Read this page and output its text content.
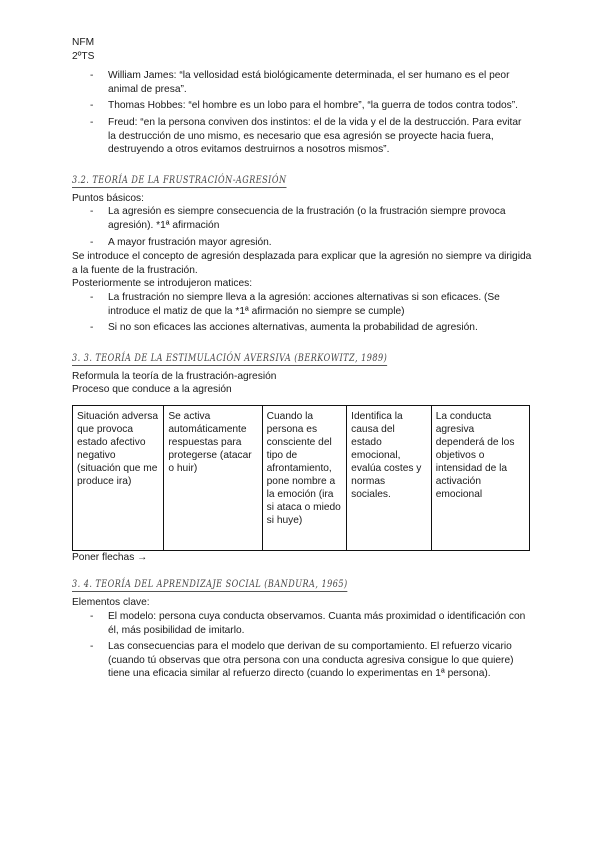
NFM
2ºTS
- William James: “la vellosidad está biológicamente determinada, el ser humano es el peor animal de presa”.
- Thomas Hobbes: “el hombre es un lobo para el hombre”, “la guerra de todos contra todos”.
- Freud: “en la persona conviven dos instintos: el de la vida y el de la destrucción. Para evitar la destrucción de uno mismo, es necesario que esa agresión se proyecte hacia fuera, destruyendo a otros evitamos destruirnos a nosotros mismos”.
3.2. TEORÍA DE LA FRUSTRACIÓN-AGRESIÓN
Puntos básicos:
- La agresión es siempre consecuencia de la frustración (o la frustración siempre provoca agresión). *1ª afirmación
- A mayor frustración mayor agresión.
Se introduce el concepto de agresión desplazada para explicar que la agresión no siempre va dirigida a la fuente de la frustración.
Posteriormente se introdujeron matices:
- La frustración no siempre lleva a la agresión: acciones alternativas si son eficaces. (Se introduce el matiz de que la *1ª afirmación no siempre se cumple)
- Si no son eficaces las acciones alternativas, aumenta la probabilidad de agresión.
3. 3. TEORÍA DE LA ESTIMULACIÓN AVERSIVA (BERKOWITZ, 1989)
Reformula la teoría de la frustración-agresión
Proceso que conduce a la agresión
Situación adversa que provoca estado afectivo negativo (situación que me produce ira)	Se activa automáticamente respuestas para protegerse (atacar o huir)	Cuando la persona es consciente del tipo de afrontamiento, pone nombre a la emoción (ira si ataca o miedo si huye)	Identifica la causa del estado emocional, evalúa costes y normas sociales.	La conducta agresiva dependerá de los objetivos o intensidad de la activación emocional
Poner flechas →
3. 4. TEORÍA DEL APRENDIZAJE SOCIAL (BANDURA, 1965)
Elementos clave:
- El modelo: persona cuya conducta observamos. Cuanta más proximidad o identificación con él, más posibilidad de imitarlo.
- Las consecuencias para el modelo que derivan de su comportamiento. El refuerzo vicario (cuando tú observas que otra persona con una conducta agresiva consigue lo que quiere) tiene una eficacia similar al refuerzo directo (cuando lo experimentas en 1ª persona).
